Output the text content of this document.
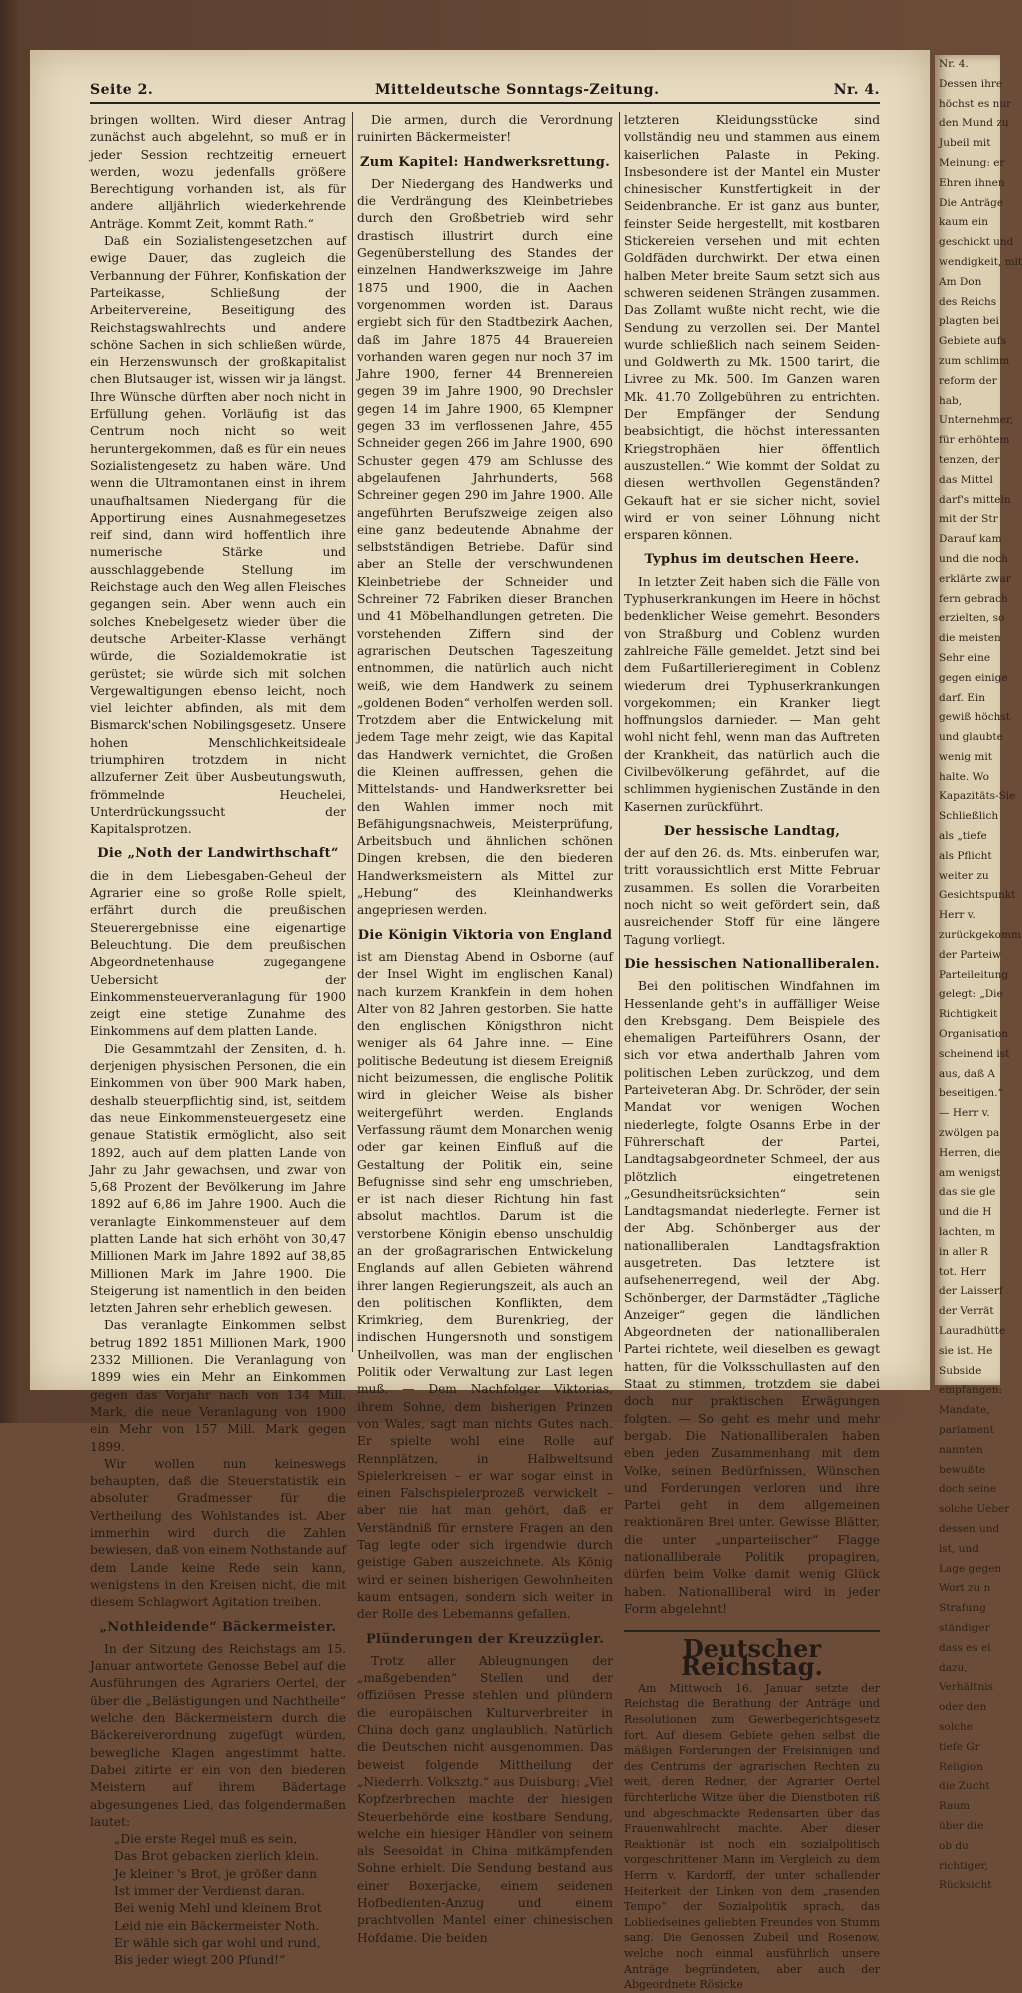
Seite 2.	Mitteldeutsche Sonntags-Zeitung.	Nr. 4.

bringen wollten. Wird dieser Antrag zunächst auch abgelehnt, so muß er in jeder Session rechtzeitig erneuert werden, wozu jedenfalls größere Berechtigung vorhanden ist, als für andere alljährlich wiederkehrende Anträge. Kommt Zeit, kommt Rath.“

Daß ein Sozialistengesetzchen auf ewige Dauer, das zugleich die Verbannung der Führer, Konfiskation der Parteikasse, Schließung der Arbeitervereine, Beseitigung des Reichstagswahlrechts und andere schöne Sachen in sich schließen würde, ein Herzenswunsch der großkapitalist chen Blutsauger ist, wissen wir ja längst. Ihre Wünsche dürften aber noch nicht in Erfüllung gehen. Vorläufig ist das Centrum noch nicht so weit heruntergekommen, daß es für ein neues Sozialistengesetz zu haben wäre. Und wenn die Ultramontanen einst in ihrem unaufhaltsamen Niedergang für die Apportirung eines Ausnahmegesetzes reif sind, dann wird hoffentlich ihre numerische Stärke und ausschlaggebende Stellung im Reichstage auch den Weg allen Fleisches gegangen sein. Aber wenn auch ein solches Knebelgesetz wieder über die deutsche Arbeiter-Klasse verhängt würde, die Sozialdemokratie ist gerüstet; sie würde sich mit solchen Vergewaltigungen ebenso leicht, noch viel leichter abfinden, als mit dem Bismarck'schen Nobilingsgesetz. Unsere hohen Menschlichkeitsideale triumphiren trotzdem in nicht allzuferner Zeit über Ausbeutungswuth, frömmelnde Heuchelei, Unterdrückungssucht der Kapitalsprotzen.

Die „Noth der Landwirthschaft“

die in dem Liebesgaben-Geheul der Agrarier eine so große Rolle spielt, erfährt durch die preußischen Steuerergebnisse eine eigenartige Beleuchtung. Die dem preußischen Abgeordnetenhause zugegangene Uebersicht der Einkommensteuerveranlagung für 1900 zeigt eine stetige Zunahme des Einkommens auf dem platten Lande.

Die Gesammtzahl der Zensiten, d. h. derjenigen physischen Personen, die ein Einkommen von über 900 Mark haben, deshalb steuerpflichtig sind, ist, seitdem das neue Einkommensteuergesetz eine genaue Statistik ermöglicht, also seit 1892, auch auf dem platten Lande von Jahr zu Jahr gewachsen, und zwar von 5,68 Prozent der Bevölkerung im Jahre 1892 auf 6,86 im Jahre 1900. Auch die veranlagte Einkommensteuer auf dem platten Lande hat sich erhöht von 30,47 Millionen Mark im Jahre 1892 auf 38,85 Millionen Mark im Jahre 1900. Die Steigerung ist namentlich in den beiden letzten Jahren sehr erheblich gewesen.

Das veranlagte Einkommen selbst betrug 1892 1851 Millionen Mark, 1900 2332 Millionen. Die Veranlagung von 1899 wies ein Mehr an Einkommen gegen das Vorjahr nach von 134 Mill. Mark, die neue Veranlagung von 1900 ein Mehr von 157 Mill. Mark gegen 1899.

Wir wollen nun keineswegs behaupten, daß die Steuerstatistik ein absoluter Gradmesser für die Vertheilung des Wohlstandes ist. Aber immerhin wird durch die Zahlen bewiesen, daß von einem Nothstande auf dem Lande keine Rede sein kann, wenigstens in den Kreisen nicht, die mit diesem Schlagwort Agitation treiben.

„Nothleidende“ Bäckermeister.

In der Sitzung des Reichstags am 15. Januar antwortete Genosse Bebel auf die Ausführungen des Agrariers Oertel, der über die „Belästigungen und Nachtheile“ welche den Bäckermeistern durch die Bäckereiverordnung zugefügt würden, bewegliche Klagen angestimmt hatte. Dabei zitirte er ein von den biederen Meistern auf ihrem Bädertage abgesungenes Lied, das folgendermaßen lautet:

„Die erste Regel muß es sein,
Das Brot gebacken zierlich klein.
Je kleiner 's Brot, je größer dann
Ist immer der Verdienst daran.
Bei wenig Mehl und kleinem Brot
Leid nie ein Bäckermeister Noth.
Er wähle sich gar wohl und rund,
Bis jeder wiegt 200 Pfund!“

Die armen, durch die Verordnung ruinirten Bäckermeister!

Zum Kapitel: Handwerksrettung.

Der Niedergang des Handwerks und die Verdrängung des Kleinbetriebes durch den Großbetrieb wird sehr drastisch illustrirt durch eine Gegenüberstellung des Standes der einzelnen Handwerkszweige im Jahre 1875 und 1900, die in Aachen vorgenommen worden ist. Daraus ergiebt sich für den Stadtbezirk Aachen, daß im Jahre 1875 44 Brauereien vorhanden waren gegen nur noch 37 im Jahre 1900, ferner 44 Brennereien gegen 39 im Jahre 1900, 90 Drechsler gegen 14 im Jahre 1900, 65 Klempner gegen 33 im verflossenen Jahre, 455 Schneider gegen 266 im Jahre 1900, 690 Schuster gegen 479 am Schlusse des abgelaufenen Jahrhunderts, 568 Schreiner gegen 290 im Jahre 1900. Alle angeführten Berufszweige zeigen also eine ganz bedeutende Abnahme der selbstständigen Betriebe. Dafür sind aber an Stelle der verschwundenen Kleinbetriebe der Schneider und Schreiner 72 Fabriken dieser Branchen und 41 Möbelhandlungen getreten. Die vorstehenden Ziffern sind der agrarischen Deutschen Tageszeitung entnommen, die natürlich auch nicht weiß, wie dem Handwerk zu seinem „goldenen Boden“ verholfen werden soll. Trotzdem aber die Entwickelung mit jedem Tage mehr zeigt, wie das Kapital das Handwerk vernichtet, die Großen die Kleinen auffressen, gehen die Mittelstands- und Handwerksretter bei den Wahlen immer noch mit Befähigungsnachweis, Meisterprüfung, Arbeitsbuch und ähnlichen schönen Dingen krebsen, die den biederen Handwerksmeistern als Mittel zur „Hebung“ des Kleinhandwerks angepriesen werden.

Die Königin Viktoria von England

ist am Dienstag Abend in Osborne (auf der Insel Wight im englischen Kanal) nach kurzem Krankfein in dem hohen Alter von 82 Jahren gestorben. Sie hatte den englischen Königsthron nicht weniger als 64 Jahre inne. — Eine politische Bedeutung ist diesem Ereigniß nicht beizumessen, die englische Politik wird in gleicher Weise als bisher weitergeführt werden. Englands Verfassung räumt dem Monarchen wenig oder gar keinen Einfluß auf die Gestaltung der Politik ein, seine Befugnisse sind sehr eng umschrieben, er ist nach dieser Richtung hin fast absolut machtlos. Darum ist die verstorbene Königin ebenso unschuldig an der großagrarischen Entwickelung Englands auf allen Gebieten während ihrer langen Regierungszeit, als auch an den politischen Konflikten, dem Krimkrieg, dem Burenkrieg, der indischen Hungersnoth und sonstigem Unheilvollen, was man der englischen Politik oder Verwaltung zur Last legen muß. — Dem Nachfolger Viktorias, ihrem Sohne, dem bisherigen Prinzen von Wales, sagt man nichts Gutes nach. Er spielte wohl eine Rolle auf Rennplätzen, in Halbweltsund Spielerkreisen – er war sogar einst in einen Falschspielerprozeß verwickelt – aber nie hat man gehört, daß er Verständniß für ernstere Fragen an den Tag legte oder sich irgendwie durch geistige Gaben auszeichnete. Als König wird er seinen bisherigen Gewohnheiten kaum entsagen, sondern sich weiter in der Rolle des Lebemanns gefallen.

Plünderungen der Kreuzzügler.

Trotz aller Ableugnungen der „maßgebenden“ Stellen und der offiziösen Presse stehlen und plündern die europäischen Kulturverbreiter in China doch ganz unglaublich. Natürlich die Deutschen nicht ausgenommen. Das beweist folgende Mittheilung der „Niederrh. Volksztg.“ aus Duisburg: „Viel Kopfzerbrechen machte der hiesigen Steuerbehörde eine kostbare Sendung, welche ein hiesiger Händler von seinem als Seesoldat in China mitkämpfenden Sohne erhielt. Die Sendung bestand aus einer Boxerjacke, einem seidenen Hofbedienten-Anzug und einem prachtvollen Mantel einer chinesischen Hofdame. Die beiden

letzteren Kleidungsstücke sind vollständig neu und stammen aus einem kaiserlichen Palaste in Peking. Insbesondere ist der Mantel ein Muster chinesischer Kunstfertigkeit in der Seidenbranche. Er ist ganz aus bunter, feinster Seide hergestellt, mit kostbaren Stickereien versehen und mit echten Goldfäden durchwirkt. Der etwa einen halben Meter breite Saum setzt sich aus schweren seidenen Strängen zusammen. Das Zollamt wußte nicht recht, wie die Sendung zu verzollen sei. Der Mantel wurde schließlich nach seinem Seiden- und Goldwerth zu Mk. 1500 tarirt, die Livree zu Mk. 500. Im Ganzen waren Mk. 41.70 Zollgebühren zu entrichten. Der Empfänger der Sendung beabsichtigt, die höchst interessanten Kriegstrophäen hier öffentlich auszustellen.“ Wie kommt der Soldat zu diesen werthvollen Gegenständen? Gekauft hat er sie sicher nicht, soviel wird er von seiner Löhnung nicht ersparen können.

Typhus im deutschen Heere.

In letzter Zeit haben sich die Fälle von Typhuserkrankungen im Heere in höchst bedenklicher Weise gemehrt. Besonders von Straßburg und Coblenz wurden zahlreiche Fälle gemeldet. Jetzt sind bei dem Fußartillerieregiment in Coblenz wiederum drei Typhuserkrankungen vorgekommen; ein Kranker liegt hoffnungslos darnieder. — Man geht wohl nicht fehl, wenn man das Auftreten der Krankheit, das natürlich auch die Civilbevölkerung gefährdet, auf die schlimmen hygienischen Zustände in den Kasernen zurückführt.

Der hessische Landtag,

der auf den 26. ds. Mts. einberufen war, tritt voraussichtlich erst Mitte Februar zusammen. Es sollen die Vorarbeiten noch nicht so weit gefördert sein, daß ausreichender Stoff für eine längere Tagung vorliegt.

Die hessischen Nationalliberalen.

Bei den politischen Windfahnen im Hessenlande geht's in auffälliger Weise den Krebsgang. Dem Beispiele des ehemaligen Parteiführers Osann, der sich vor etwa anderthalb Jahren vom politischen Leben zurückzog, und dem Parteiveteran Abg. Dr. Schröder, der sein Mandat vor wenigen Wochen niederlegte, folgte Osanns Erbe in der Führerschaft der Partei, Landtagsabgeordneter Schmeel, der aus plötzlich eingetretenen „Gesundheitsrücksichten“ sein Landtagsmandat niederlegte. Ferner ist der Abg. Schönberger aus der nationalliberalen Landtagsfraktion ausgetreten. Das letztere ist aufsehenerregend, weil der Abg. Schönberger, der Darmstädter „Tägliche Anzeiger“ gegen die ländlichen Abgeordneten der nationalliberalen Partei richtete, weil dieselben es gewagt hatten, für die Volksschullasten auf den Staat zu stimmen, trotzdem sie dabei doch nur praktischen Erwägungen folgten. — So geht es mehr und mehr bergab. Die Nationalliberalen haben eben jeden Zusammenhang mit dem Volke, seinen Bedürfnissen, Wünschen und Forderungen verloren und ihre Partei geht in dem allgemeinen reaktionären Brei unter. Gewisse Blätter, die unter „unparteiischer“ Flagge nationalliberale Politik propagiren, dürfen beim Volke damit wenig Glück haben. Nationalliberal wird in jeder Form abgelehnt!

Deutscher Reichstag.

Am Mittwoch 16. Januar setzte der Reichstag die Berathung der Anträge und Resolutionen zum Gewerbegerichtsgesetz fort. Auf diesem Gebiete gehen selbst die mäßigen Forderungen der Freisinnigen und des Centrums der agrarischen Rechten zu weit, deren Redner, der Agrarier Oertel fürchterliche Witze über die Dienstboten riß und abgeschmackte Redensarten über das Frauenwahlrecht machte. Aber dieser Reaktionär ist noch ein sozialpolitisch vorgeschrittener Mann im Vergleich zu dem Herrn v. Kardorff, der unter schallender Heiterkeit der Linken von dem „rasenden Tempo“ der Sozialpolitik sprach, das Lobliedseines geliebten Freundes von Stumm sang. Die Genossen Zubeil und Rosenow, welche noch einmal ausführlich unsere Anträge begründeten, aber auch der Abgeordnete Rösicke

Nr. 4.
Dessen ihre
höchst es nur
den Mund zu
Jubeil mit
Meinung: er
Ehren ihnen
Die Anträge
kaum ein
geschickt und
wendigkeit, mit
Am Don
des Reichs
plagten bei
Gebiete aufs
zum schlimm
reform der
hab,
Unternehmer,
für erhöhtem
tenzen, der
das Mittel
darf's mitteln
mit der Str
Darauf kam
und die noch
erklärte zwar
fern gebrach
erzielten, so
die meisten
Sehr eine
gegen einige
darf. Ein
gewiß höchst
und glaubte
wenig mit
halte. Wo
Kapazitäts-Sie
Schließlich
als „tiefe
als Pflicht
weiter zu
Gesichtspunkt
Herr v.
zurückgekomm
der Parteiw
Parteileitung
gelegt: „Die
Richtigkeit
Organisation
scheinend ist
aus, daß A
beseitigen.“
— Herr v.
zwölgen pa
Herren, die
am wenigst
das sie gle
und die H
lachten, m
in aller R
tot. Herr
der Laisserf
der Verrät
Lauradhütte
sie ist. He
Subside
empfangen:
Mandate,
parlament
nannten
bewußte
doch seine
solche Ueber
dessen und
ist, und
Lage gegen
Wort zu n
Strafung
ständiger
dass es ei
dazu,
Verhältnis
oder den
solche
tiefe Gr
Religion
die Zucht
Raum
über die
ob du
richtiger,
Rücksicht
